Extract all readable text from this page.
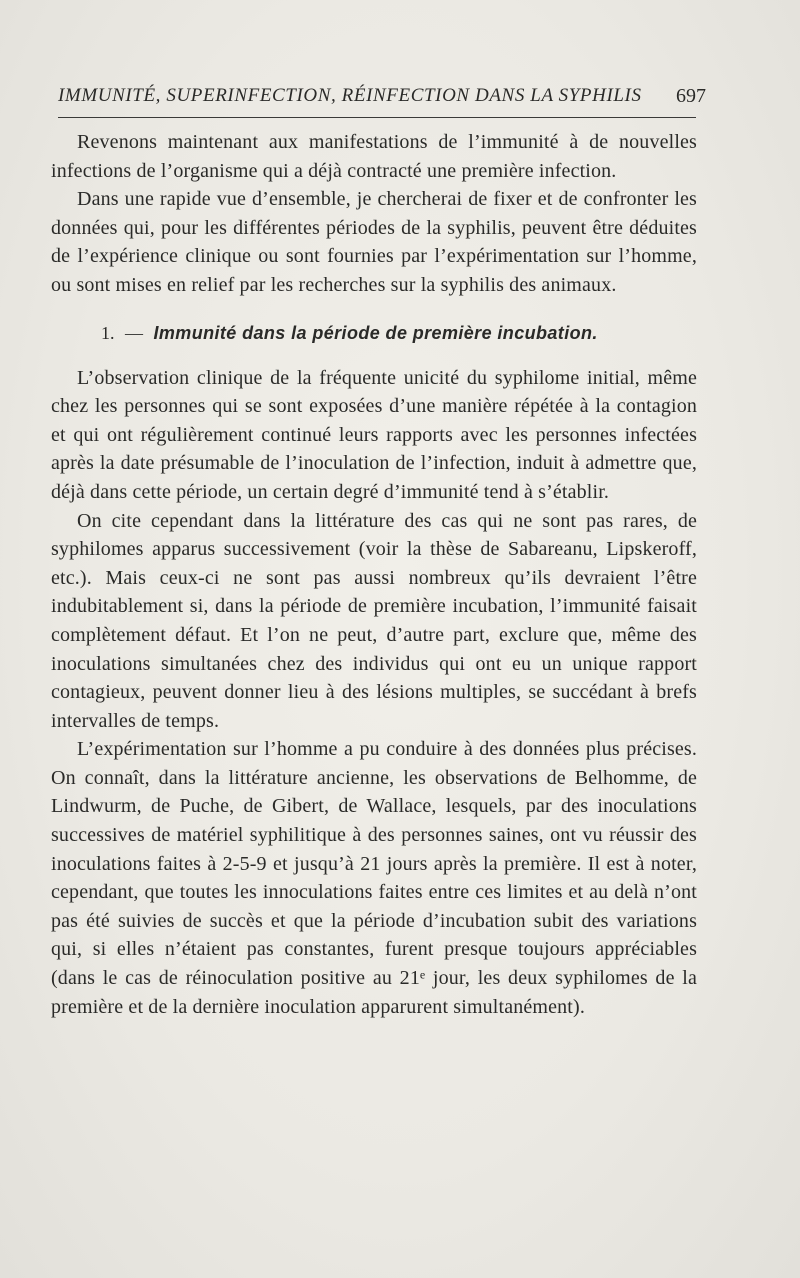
IMMUNITÉ, SUPERINFECTION, RÉINFECTION DANS LA SYPHILIS 697

Revenons maintenant aux manifestations de l’immunité à de nouvelles infections de l’organisme qui a déjà contracté une première infection.

Dans une rapide vue d’ensemble, je chercherai de fixer et de confronter les données qui, pour les différentes périodes de la syphilis, peuvent être déduites de l’expérience clinique ou sont fournies par l’expérimentation sur l’homme, ou sont mises en relief par les recherches sur la syphilis des animaux.

1. — Immunité dans la période de première incubation.

L’observation clinique de la fréquente unicité du syphilome initial, même chez les personnes qui se sont exposées d’une manière répétée à la contagion et qui ont régulièrement continué leurs rapports avec les personnes infectées après la date présumable de l’inoculation de l’infection, induit à admettre que, déjà dans cette période, un certain degré d’immunité tend à s’établir.

On cite cependant dans la littérature des cas qui ne sont pas rares, de syphilomes apparus successivement (voir la thèse de Sabareanu, Lipskeroff, etc.). Mais ceux-ci ne sont pas aussi nombreux qu’ils devraient l’être indubitablement si, dans la période de première incubation, l’immunité faisait complètement défaut. Et l’on ne peut, d’autre part, exclure que, même des inoculations simultanées chez des individus qui ont eu un unique rapport contagieux, peuvent donner lieu à des lésions multiples, se succédant à brefs intervalles de temps.

L’expérimentation sur l’homme a pu conduire à des données plus précises. On connaît, dans la littérature ancienne, les observations de Belhomme, de Lindwurm, de Puche, de Gibert, de Wallace, lesquels, par des inoculations successives de matériel syphilitique à des personnes saines, ont vu réussir des inoculations faites à 2-5-9 et jusqu’à 21 jours après la première. Il est à noter, cependant, que toutes les innoculations faites entre ces limites et au delà n’ont pas été suivies de succès et que la période d’incubation subit des variations qui, si elles n’étaient pas constantes, furent presque toujours appréciables (dans le cas de réinoculation positive au 21ᵉ jour, les deux syphilomes de la première et de la dernière inoculation apparurent simultanément).
